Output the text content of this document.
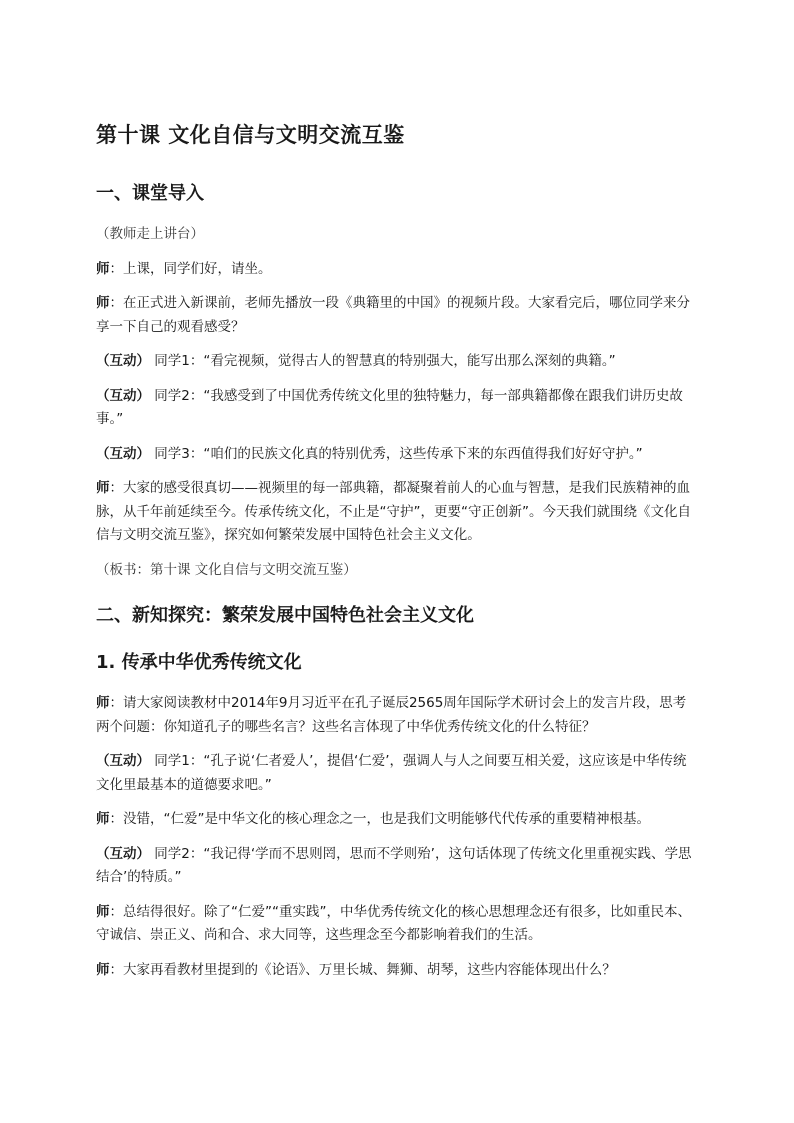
第十课 文化自信与文明交流互鉴
一、课堂导入

（教师走上讲台）

师：上课，同学们好，请坐。

师：在正式进入新课前，老师先播放一段《典籍里的中国》的视频片段。大家看完后，哪位同学来分享一下自己的观看感受？

（互动） 同学1：“看完视频，觉得古人的智慧真的特别强大，能写出那么深刻的典籍。”

（互动） 同学2：“我感受到了中国优秀传统文化里的独特魅力，每一部典籍都像在跟我们讲历史故事。”

（互动） 同学3：“咱们的民族文化真的特别优秀，这些传承下来的东西值得我们好好守护。”

师：大家的感受很真切——视频里的每一部典籍，都凝聚着前人的心血与智慧，是我们民族精神的血脉，从千年前延续至今。传承传统文化，不止是“守护”，更要“守正创新”。今天我们就围绕《文化自信与文明交流互鉴》，探究如何繁荣发展中国特色社会主义文化。

（板书：第十课 文化自信与文明交流互鉴）

二、新知探究：繁荣发展中国特色社会主义文化
1. 传承中华优秀传统文化

师：请大家阅读教材中2014年9月习近平在孔子诞辰2565周年国际学术研讨会上的发言片段，思考两个问题：你知道孔子的哪些名言？这些名言体现了中华优秀传统文化的什么特征？

（互动） 同学1：“孔子说‘仁者爱人’，提倡‘仁爱’，强调人与人之间要互相关爱，这应该是中华传统文化里最基本的道德要求吧。”

师：没错，“仁爱”是中华文化的核心理念之一，也是我们文明能够代代传承的重要精神根基。

（互动） 同学2：“我记得‘学而不思则罔，思而不学则殆’，这句话体现了传统文化里重视实践、学思结合’的特质。”

师：总结得很好。除了“仁爱”“重实践”，中华优秀传统文化的核心思想理念还有很多，比如重民本、守诚信、崇正义、尚和合、求大同等，这些理念至今都影响着我们的生活。

师：大家再看教材里提到的《论语》、万里长城、舞狮、胡琴，这些内容能体现出什么？
